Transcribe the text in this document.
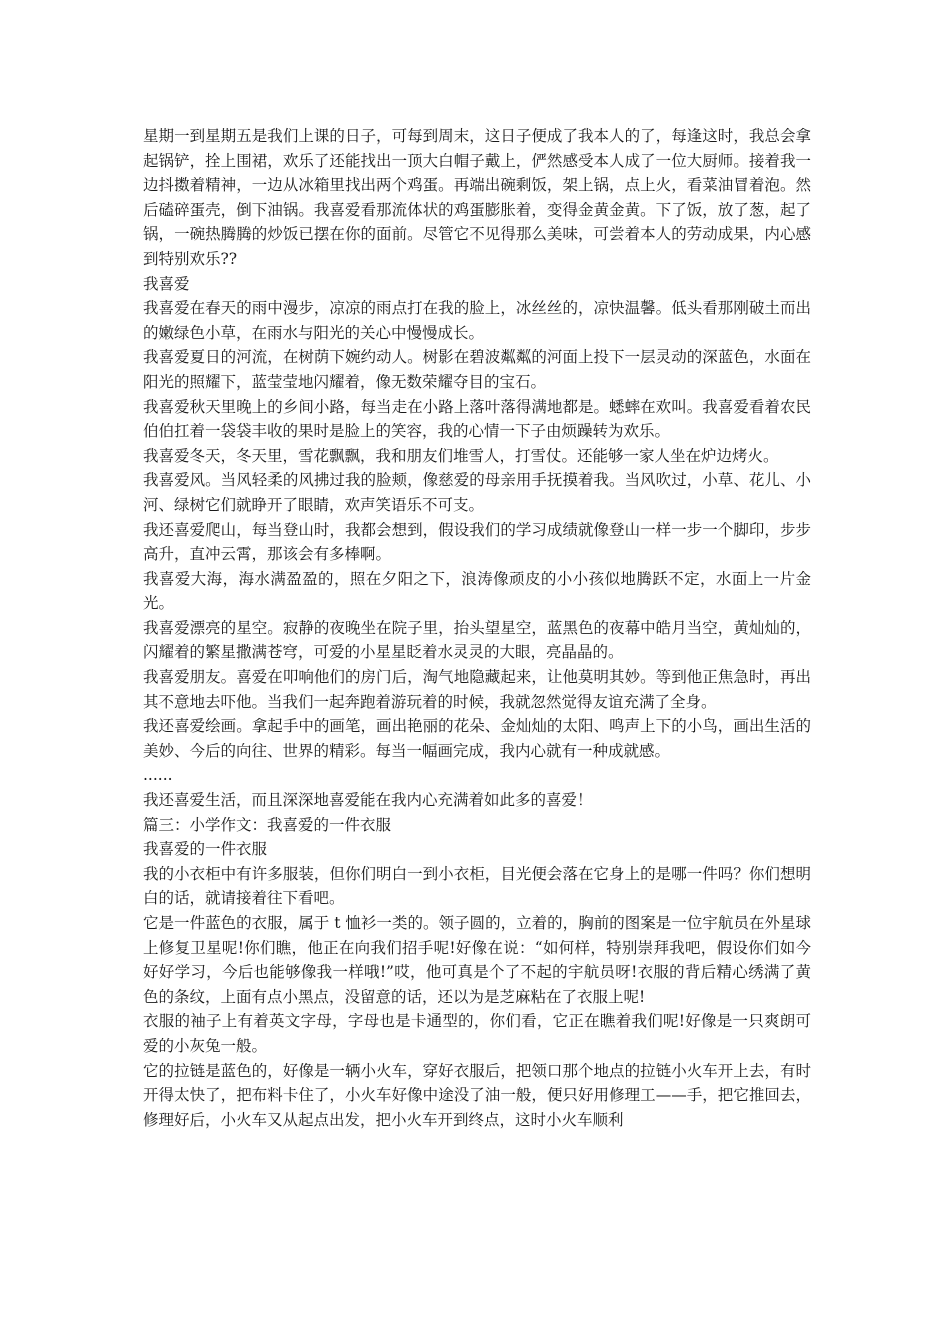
星期一到星期五是我们上课的日子，可每到周末，这日子便成了我本人的了，每逢这时，我总会拿起锅铲，拴上围裙，欢乐了还能找出一顶大白帽子戴上，俨然感受本人成了一位大厨师。接着我一边抖擞着精神，一边从冰箱里找出两个鸡蛋。再端出碗剩饭，架上锅，点上火，看菜油冒着泡。然后磕碎蛋壳，倒下油锅。我喜爱看那流体状的鸡蛋膨胀着，变得金黄金黄。下了饭，放了葱，起了锅，一碗热腾腾的炒饭已摆在你的面前。尽管它不见得那么美味，可尝着本人的劳动成果，内心感到特别欢乐??

我喜爱

我喜爱在春天的雨中漫步，凉凉的雨点打在我的脸上，冰丝丝的，凉快温馨。低头看那刚破土而出的嫩绿色小草，在雨水与阳光的关心中慢慢成长。

我喜爱夏日的河流，在树荫下婉约动人。树影在碧波粼粼的河面上投下一层灵动的深蓝色，水面在阳光的照耀下，蓝莹莹地闪耀着，像无数荣耀夺目的宝石。

我喜爱秋天里晚上的乡间小路，每当走在小路上落叶落得满地都是。蟋蟀在欢叫。我喜爱看着农民伯伯扛着一袋袋丰收的果时是脸上的笑容，我的心情一下子由烦躁转为欢乐。

我喜爱冬天，冬天里，雪花飘飘，我和朋友们堆雪人，打雪仗。还能够一家人坐在炉边烤火。

我喜爱风。当风轻柔的风拂过我的脸颊，像慈爱的母亲用手抚摸着我。当风吹过，小草、花儿、小河、绿树它们就睁开了眼睛，欢声笑语乐不可支。

我还喜爱爬山，每当登山时，我都会想到，假设我们的学习成绩就像登山一样一步一个脚印，步步高升，直冲云霄，那该会有多棒啊。

我喜爱大海，海水满盈盈的，照在夕阳之下，浪涛像顽皮的小小孩似地腾跃不定，水面上一片金光。

我喜爱漂亮的星空。寂静的夜晚坐在院子里，抬头望星空，蓝黑色的夜幕中皓月当空，黄灿灿的，闪耀着的繁星撒满苍穹，可爱的小星星眨着水灵灵的大眼，亮晶晶的。

我喜爱朋友。喜爱在叩响他们的房门后，淘气地隐藏起来，让他莫明其妙。等到他正焦急时，再出其不意地去吓他。当我们一起奔跑着游玩着的时候，我就忽然觉得友谊充满了全身。

我还喜爱绘画。拿起手中的画笔，画出艳丽的花朵、金灿灿的太阳、鸣声上下的小鸟，画出生活的美妙、今后的向往、世界的精彩。每当一幅画完成，我内心就有一种成就感。

......

我还喜爱生活，而且深深地喜爱能在我内心充满着如此多的喜爱！

篇三：小学作文：我喜爱的一件衣服

我喜爱的一件衣服

我的小衣柜中有许多服装，但你们明白一到小衣柜，目光便会落在它身上的是哪一件吗？你们想明白的话，就请接着往下看吧。

它是一件蓝色的衣服，属于 t 恤衫一类的。领子圆的，立着的，胸前的图案是一位宇航员在外星球上修复卫星呢!你们瞧，他正在向我们招手呢!好像在说：“如何样，特别崇拜我吧，假设你们如今好好学习，今后也能够像我一样哦!”哎，他可真是个了不起的宇航员呀!衣服的背后精心绣满了黄色的条纹，上面有点小黑点，没留意的话，还以为是芝麻粘在了衣服上呢!

衣服的袖子上有着英文字母，字母也是卡通型的，你们看，它正在瞧着我们呢!好像是一只爽朗可爱的小灰兔一般。

它的拉链是蓝色的，好像是一辆小火车，穿好衣服后，把领口那个地点的拉链小火车开上去，有时开得太快了，把布料卡住了，小火车好像中途没了油一般，便只好用修理工——手，把它推回去，修理好后，小火车又从起点出发，把小火车开到终点，这时小火车顺利
